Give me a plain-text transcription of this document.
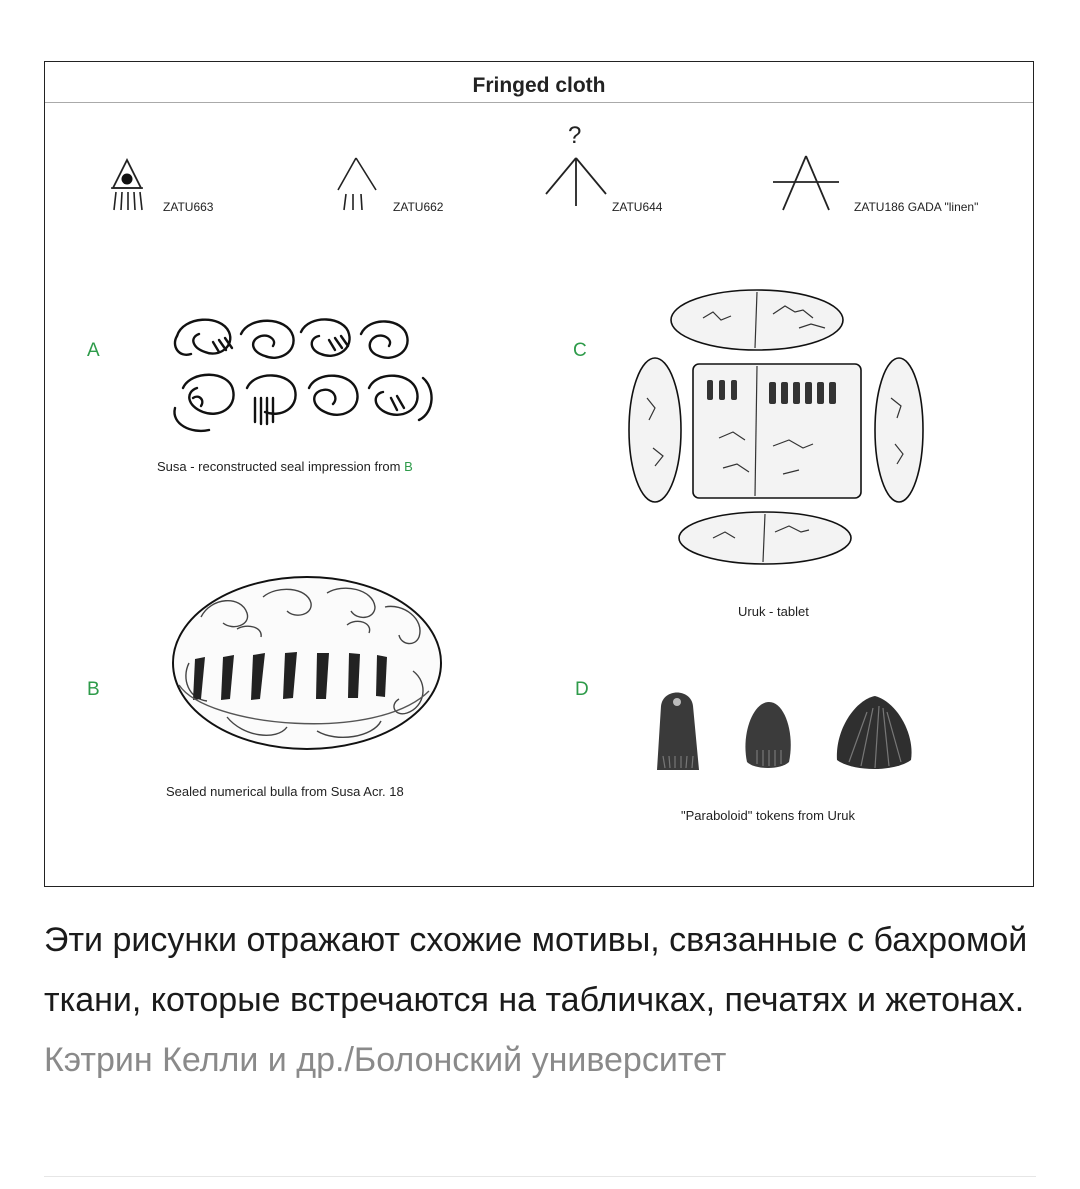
Fringed cloth
ZATU663	ZATU662
?
ZATU644	ZATU186 GADA "linen"
A
Susa - reconstructed seal impression from B
B
Sealed numerical bulla from Susa Acr. 18
C
Uruk - tablet
D
"Paraboloid" tokens from Uruk
Эти рисунки отражают схожие мотивы, связанные с бахромой ткани, которые встречаются на табличках, печатях и жетонах. Кэтрин Келли и др./Болонский университет
